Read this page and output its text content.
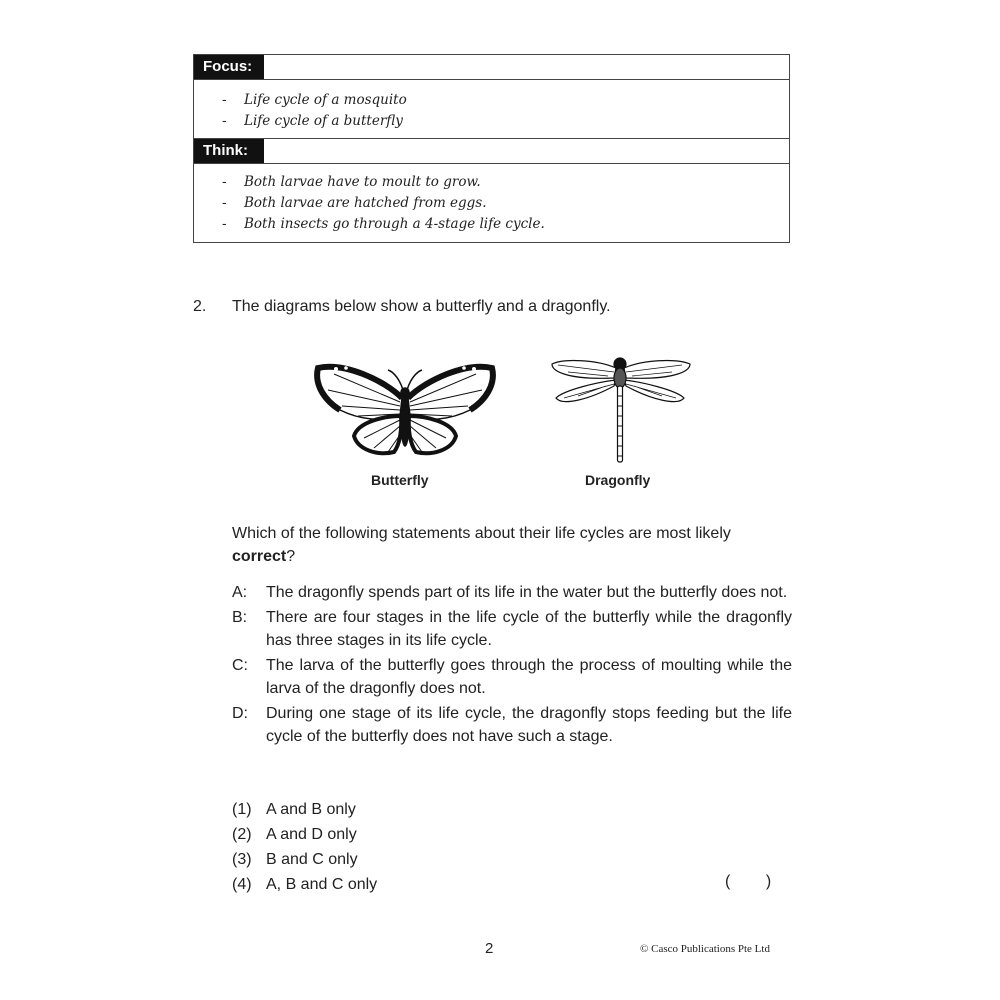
Focus:
- Life cycle of a mosquito
- Life cycle of a butterfly
Think:
- Both larvae have to moult to grow.
- Both larvae are hatched from eggs.
- Both insects go through a 4-stage life cycle.
2. The diagrams below show a butterfly and a dragonfly.
Butterfly	Dragonfly
Which of the following statements about their life cycles are most likely correct?
A: The dragonfly spends part of its life in the water but the butterfly does not.
B: There are four stages in the life cycle of the butterfly while the dragonfly has three stages in its life cycle.
C: The larva of the butterfly goes through the process of moulting while the larva of the dragonfly does not.
D: During one stage of its life cycle, the dragonfly stops feeding but the life cycle of the butterfly does not have such a stage.
(1) A and B only
(2) A and D only
(3) B and C only
(4) A, B and C only	(        )
2	© Casco Publications Pte Ltd
